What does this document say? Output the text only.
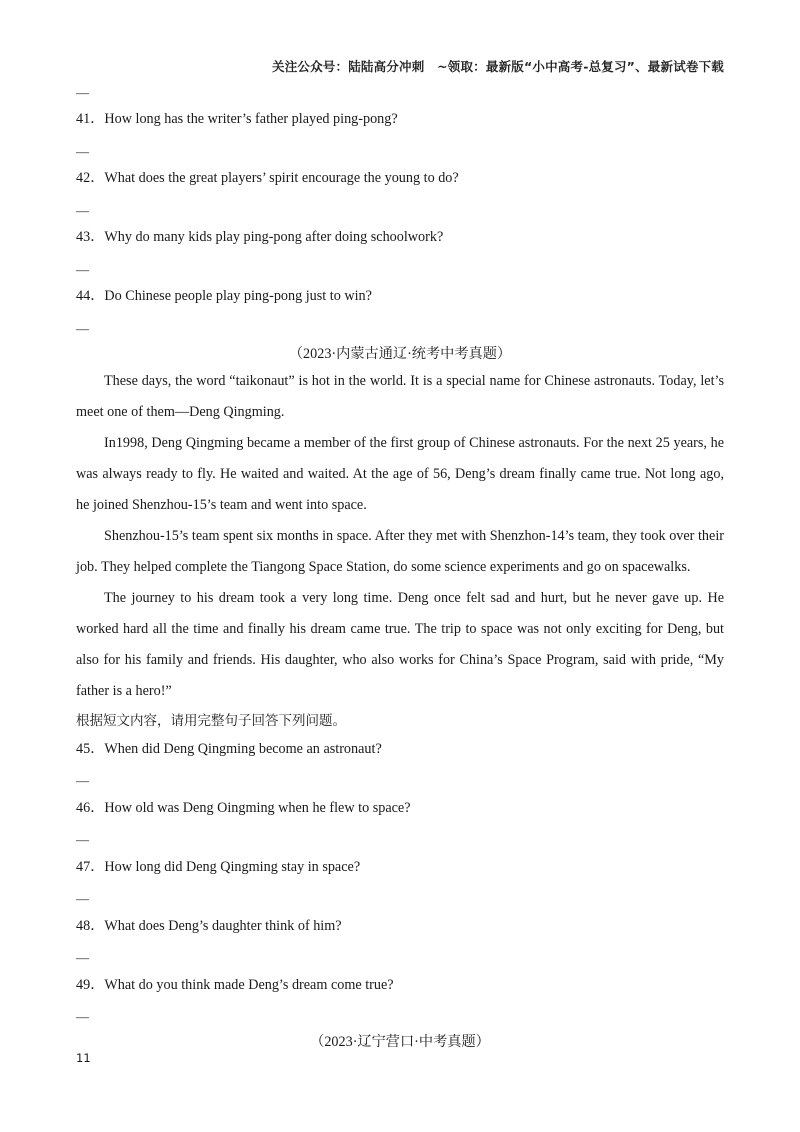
关注公众号：陆陆高分冲刺　~领取：最新版“小中高考-总复习”、最新试卷下载
—
41．How long has the writer’s father played ping-pong?
—
42．What does the great players’ spirit encourage the young to do?
—
43．Why do many kids play ping-pong after doing schoolwork?
—
44．Do Chinese people play ping-pong just to win?
—
（2023·内蒙古通辽·统考中考真题）
These days, the word “taikonaut” is hot in the world. It is a special name for Chinese astronauts. Today, let’s meet one of them—Deng Qingming.
In1998, Deng Qingming became a member of the first group of Chinese astronauts. For the next 25 years, he was always ready to fly. He waited and waited. At the age of 56, Deng’s dream finally came true. Not long ago, he joined Shenzhou-15’s team and went into space.
Shenzhou-15’s team spent six months in space. After they met with Shenzhon-14’s team, they took over their job. They helped complete the Tiangong Space Station, do some science experiments and go on spacewalks.
The journey to his dream took a very long time. Deng once felt sad and hurt, but he never gave up. He worked hard all the time and finally his dream came true. The trip to space was not only exciting for Deng, but also for his family and friends. His daughter, who also works for China’s Space Program, said with pride, “My father is a hero!”
根据短文内容，请用完整句子回答下列问题。
45．When did Deng Qingming become an astronaut?
—
46．How old was Deng Oingming when he flew to space?
—
47．How long did Deng Qingming stay in space?
—
48．What does Deng’s daughter think of him?
—
49．What do you think made Deng’s dream come true?
—
（2023·辽宁营口·中考真题）
11
